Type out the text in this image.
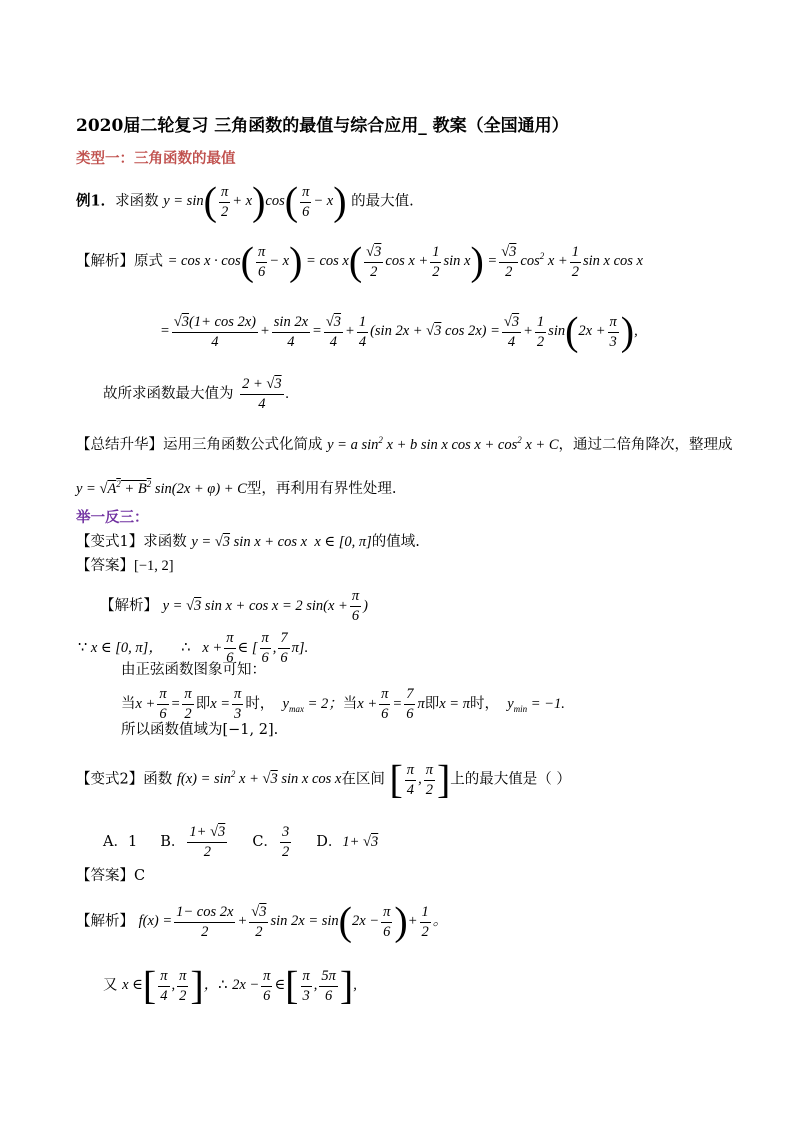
2020届二轮复习 三角函数的最值与综合应用_ 教案（全国通用）
类型一：三角函数的最值
例1．求函数 $y = \sin( \frac{\pi}{2} + x)\cos( \frac{\pi}{6} - x)$ 的最大值.
【解析】原式 = $\cos x \cdot \cos( \frac{\pi}{6} - x) = \cos x( \frac{√3}{2}$ $\cos x + \frac{1}{2}$ $\sin x) = \frac{√3}{2} \cos^2 x + \frac{1}{2}$ sin x cos x
= $\frac{√3(1+ \cos 2x)}{4} + \frac{\sin 2x}{4} = \frac{√3}{4} + \frac{1}{4} (\sin$ 2x + √3 $\cos 2x) = \frac{√3}{4} + \frac{1}{2} \sin(2x + \frac{\pi}{3}$ ),
故所求函数最大值为 $\frac{2 + √3}{4}$ .
【总结升华】运用三角函数公式化简成 y = a $\sin^2 x + b$ sin x $\cos x + \cos^2 x + C$，通过二倍角降次，整理成
$y = √A^2 + B^2$ sin(2x + φ) + C型，再利用有界性处理.
举一反三：
【变式1】求函数 y = √3 sin x + cos x  x ∈ [0, π]的值域.
【答案】[−1, 2]
【解析】 y = √3 sin x + cos x = 2 $\sin(x + \frac{\pi}{6}$ )
∵ x ∈ [0, π]， ∴   $x + \frac{\pi}{6}$ ∈ [ $\frac{\pi}{6}$ , $\frac{7}{6} \pi$].
由正弦函数图象可知：
当$x + \frac{\pi}{6} = \frac{\pi}{2}$ 即$x = \frac{\pi}{3}$ 时，  $y_{max} = 2$；当$x + \frac{\pi}{6} = \frac{7}{6}$ π即x = π时，  $y_{min} = -1$.
所以函数值域为[−1, 2].
【变式2】函数 $f(x) = \sin^2 x + √3$ sin x cos x在区间 [ $\frac{\pi}{4}$ , $\frac{\pi}{2}$ ]上的最大值是（ ）
A．1 B． $\frac{1+ √3}{2}$ C． $\frac{3}{2}$ D．1+ √3
【答案】C
【解析】 $f(x) = \frac{1- \cos 2x}{2} + \frac{√3}{2}$ $\sin 2x = \sin(2x - \frac{\pi}{6}$ )+ $\frac{1}{2}$ 。
又 x ∈[ $\frac{\pi}{4}$ , $\frac{\pi}{2}$ ]，∴ $2x - \frac{\pi}{6}$ ∈[ $\frac{\pi}{3}$ , $\frac{5\pi}{6}$ ],
